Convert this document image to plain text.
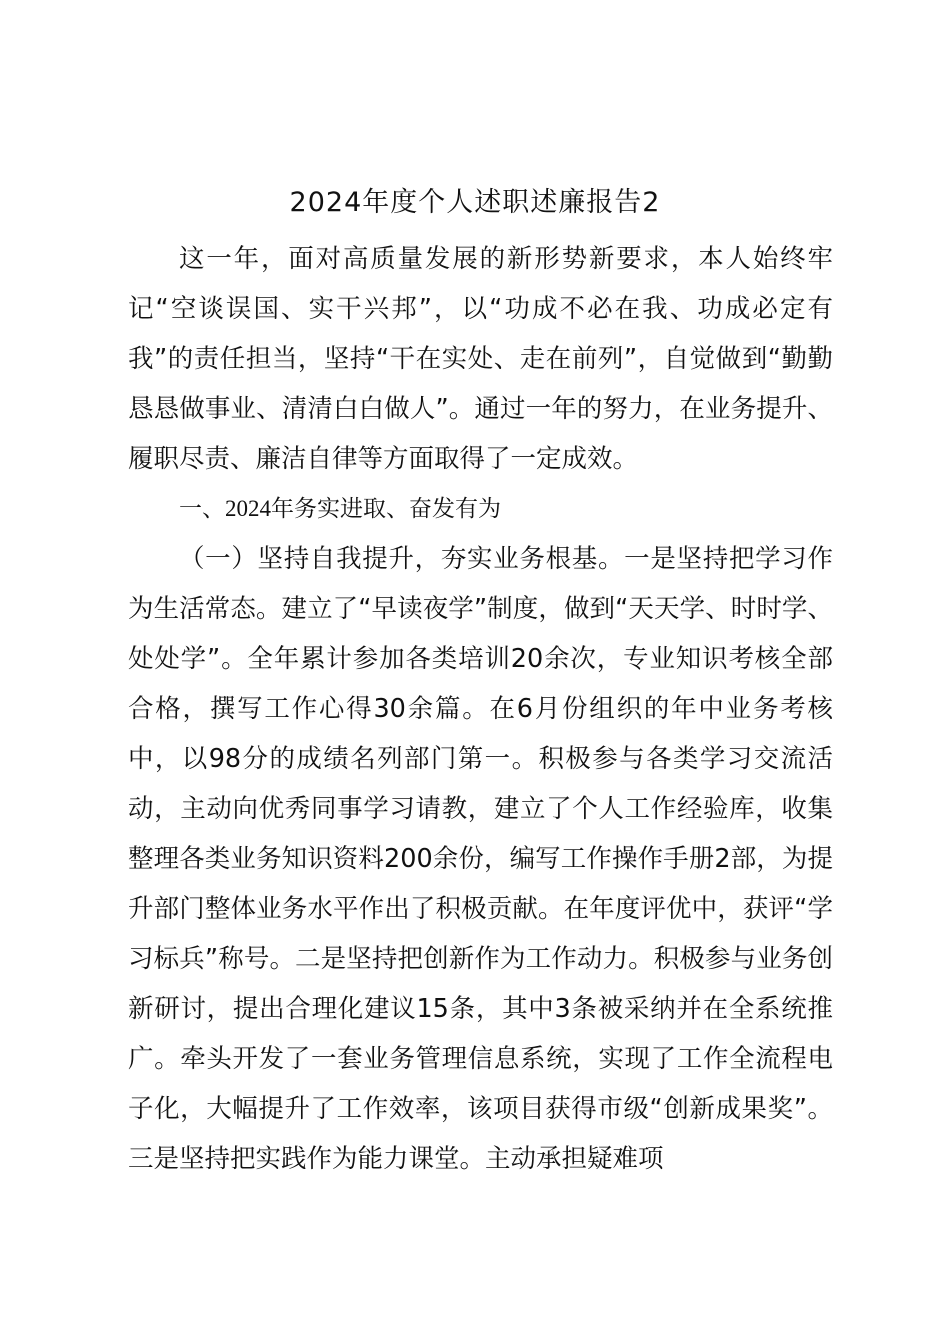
2024年度个人述职述廉报告2

这一年，面对高质量发展的新形势新要求，本人始终牢记“空谈误国、实干兴邦”，以“功成不必在我、功成必定有我”的责任担当，坚持“干在实处、走在前列”，自觉做到“勤勤恳恳做事业、清清白白做人”。通过一年的努力，在业务提升、履职尽责、廉洁自律等方面取得了一定成效。

一、2024年务实进取、奋发有为

（一）坚持自我提升，夯实业务根基。一是坚持把学习作为生活常态。建立了“早读夜学”制度，做到“天天学、时时学、处处学”。全年累计参加各类培训20余次，专业知识考核全部合格，撰写工作心得30余篇。在6月份组织的年中业务考核中，以98分的成绩名列部门第一。积极参与各类学习交流活动，主动向优秀同事学习请教，建立了个人工作经验库，收集整理各类业务知识资料200余份，编写工作操作手册2部，为提升部门整体业务水平作出了积极贡献。在年度评优中，获评“学习标兵”称号。二是坚持把创新作为工作动力。积极参与业务创新研讨，提出合理化建议15条，其中3条被采纳并在全系统推广。牵头开发了一套业务管理信息系统，实现了工作全流程电子化，大幅提升了工作效率，该项目获得市级“创新成果奖”。三是坚持把实践作为能力课堂。主动承担疑难项
